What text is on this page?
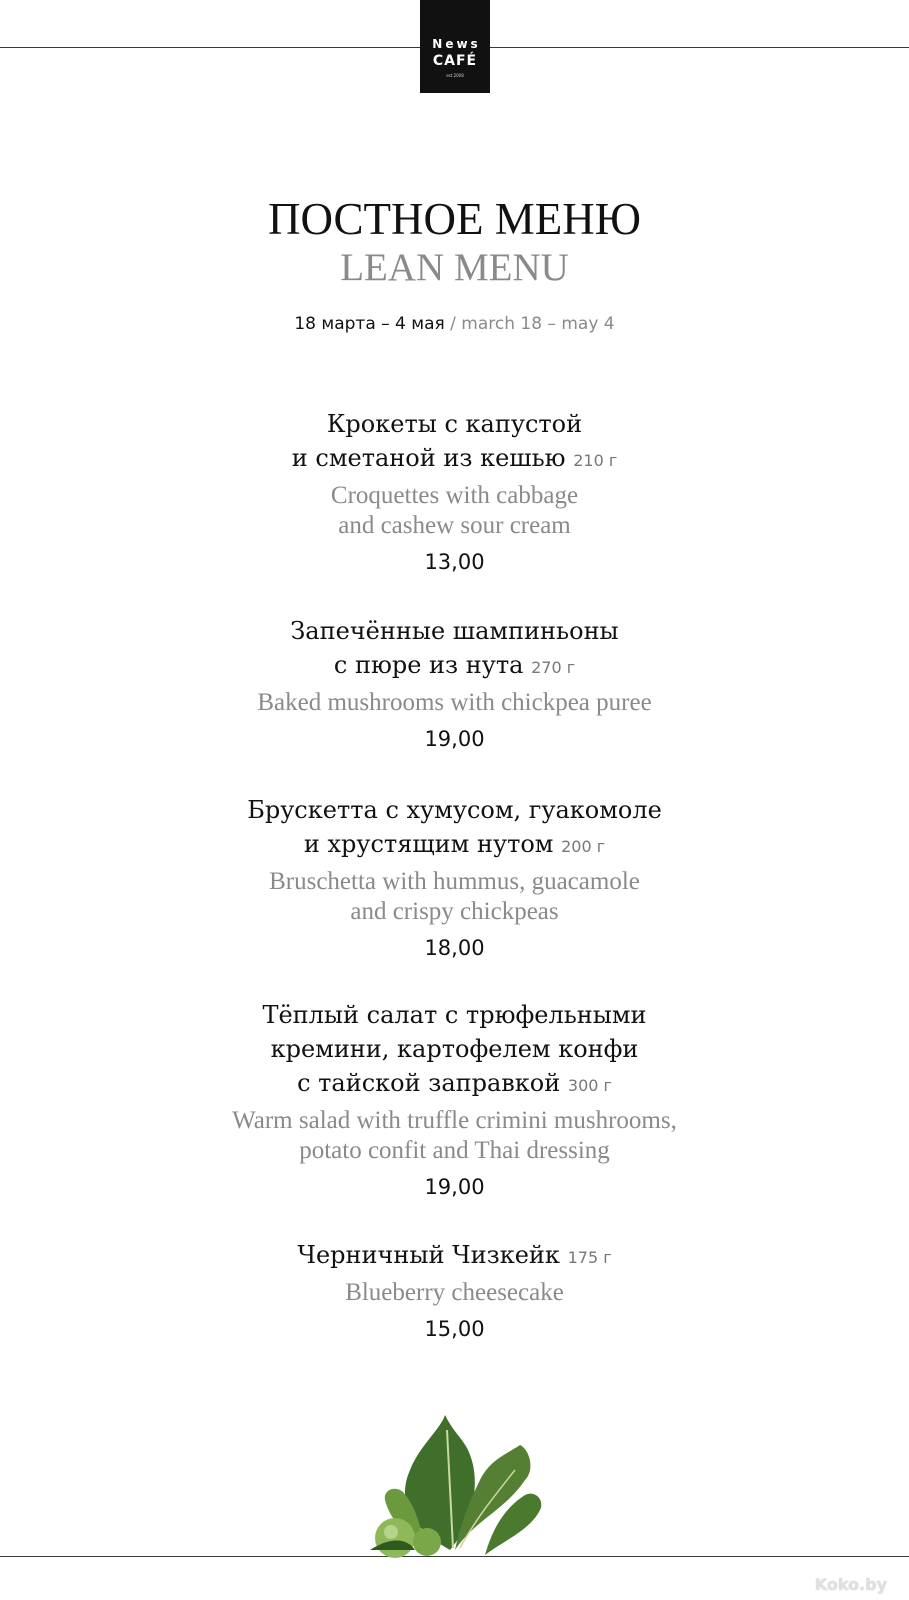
News
CAFÉ
est.2008
ПОСТНОЕ МЕНЮ
LEAN MENU
18 марта – 4 мая / march 18 – may 4
Крокеты с капустой
и сметаной из кешью 210 г
Croquettes with cabbage
and cashew sour cream
13,00
Запечённые шампиньоны
с пюре из нута 270 г
Baked mushrooms with chickpea puree
19,00
Брускетта с хумусом, гуакомоле
и хрустящим нутом 200 г
Bruschetta with hummus, guacamole
and crispy chickpeas
18,00
Тёплый салат с трюфельными
кремини, картофелем конфи
с тайской заправкой 300 г
Warm salad with truffle crimini mushrooms,
potato confit and Thai dressing
19,00
Черничный Чизкейк 175 г
Blueberry cheesecake
15,00
Koko.by
